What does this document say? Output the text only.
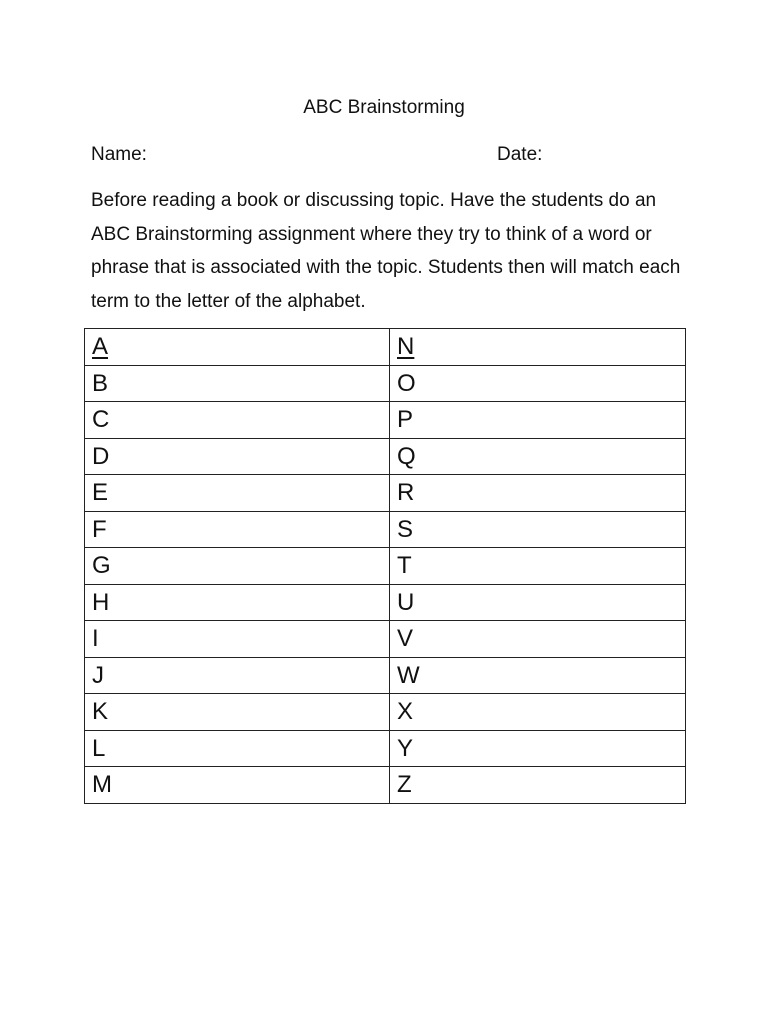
ABC Brainstorming
Name:	Date:

Before reading a book or discussing topic. Have the students do an ABC Brainstorming assignment where they try to think of a word or phrase that is associated with the topic. Students then will match each term to the letter of the alphabet.

A	N
B	O
C	P
D	Q
E	R
F	S
G	T
H	U
I	V
J	W
K	X
L	Y
M	Z
